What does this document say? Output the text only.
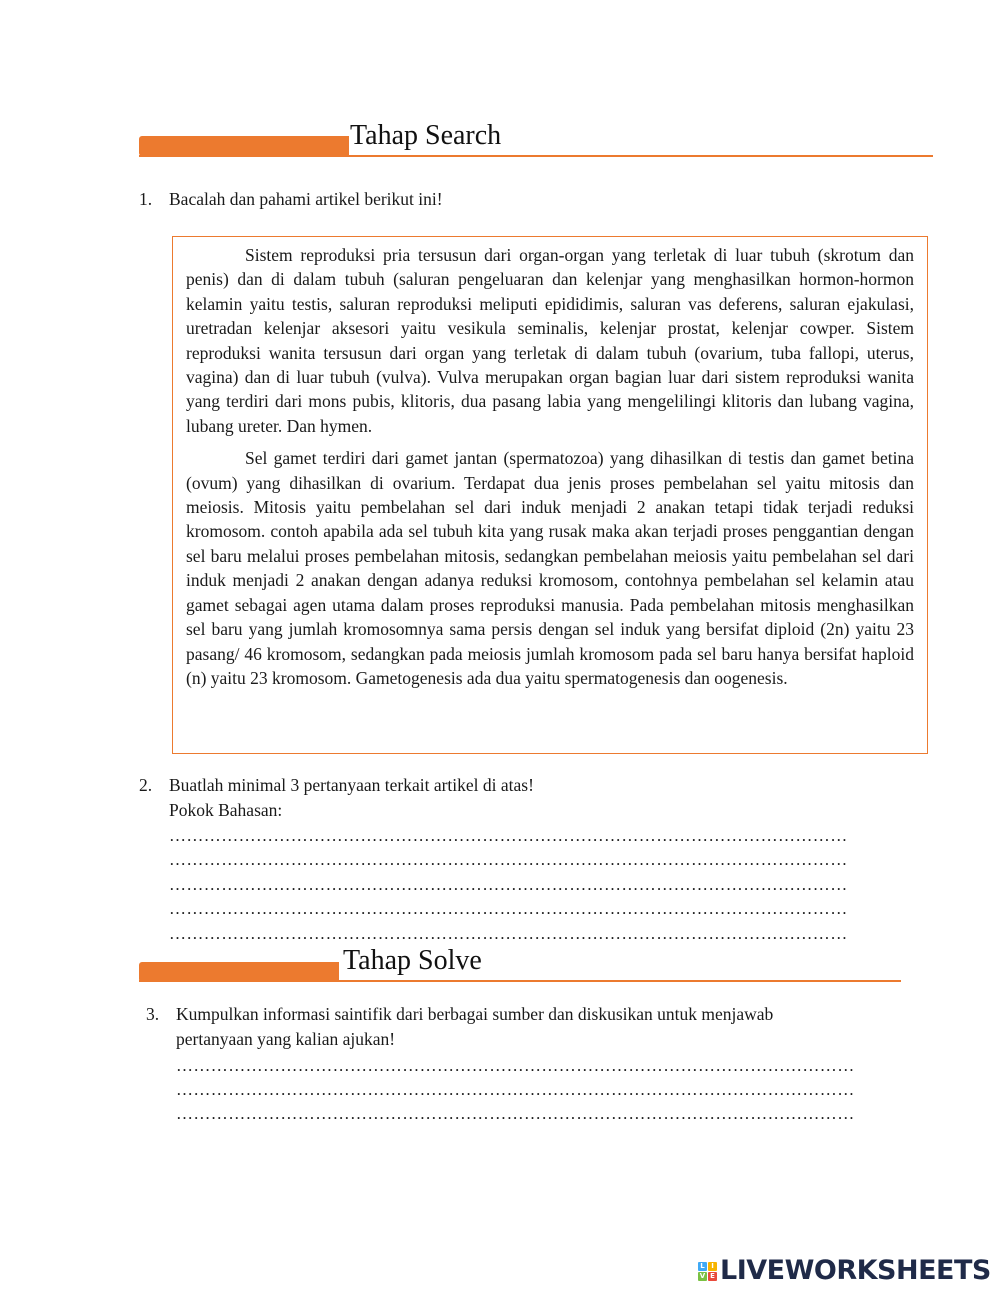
Tahap Search
1. Bacalah dan pahami artikel berikut ini!

Sistem reproduksi pria tersusun dari organ-organ yang terletak di luar tubuh (skrotum dan penis) dan di dalam tubuh (saluran pengeluaran dan kelenjar yang menghasilkan hormon-hormon kelamin yaitu testis, saluran reproduksi meliputi epididimis, saluran vas deferens, saluran ejakulasi, uretradan kelenjar aksesori yaitu vesikula seminalis, kelenjar prostat, kelenjar cowper. Sistem reproduksi wanita tersusun dari organ yang terletak di dalam tubuh (ovarium, tuba fallopi, uterus, vagina) dan di luar tubuh (vulva). Vulva merupakan organ bagian luar dari sistem reproduksi wanita yang terdiri dari mons pubis, klitoris, dua pasang labia yang mengelilingi klitoris dan lubang vagina, lubang ureter. Dan hymen.

Sel gamet terdiri dari gamet jantan (spermatozoa) yang dihasilkan di testis dan gamet betina (ovum) yang dihasilkan di ovarium. Terdapat dua jenis proses pembelahan sel yaitu mitosis dan meiosis. Mitosis yaitu pembelahan sel dari induk menjadi 2 anakan tetapi tidak terjadi reduksi kromosom. contoh apabila ada sel tubuh kita yang rusak maka akan terjadi proses penggantian dengan sel baru melalui proses pembelahan mitosis, sedangkan pembelahan meiosis yaitu pembelahan sel dari induk menjadi 2 anakan dengan adanya reduksi kromosom, contohnya pembelahan sel kelamin atau gamet sebagai agen utama dalam proses reproduksi manusia. Pada pembelahan mitosis menghasilkan sel baru yang jumlah kromosomnya sama persis dengan sel induk yang bersifat diploid (2n) yaitu 23 pasang/ 46 kromosom, sedangkan pada meiosis jumlah kromosom pada sel baru hanya bersifat haploid (n) yaitu 23 kromosom. Gametogenesis ada dua yaitu spermatogenesis dan oogenesis.

2. Buatlah minimal 3 pertanyaan terkait artikel di atas!
Pokok Bahasan:
………………………………………………………………………………………………………
………………………………………………………………………………………………………
………………………………………………………………………………………………………
………………………………………………………………………………………………………
………………………………………………………………………………………………………
Tahap Solve
3. Kumpulkan informasi saintifik dari berbagai sumber dan diskusikan untuk menjawab
pertanyaan yang kalian ajukan!
………………………………………………………………………………………………………
………………………………………………………………………………………………………
………………………………………………………………………………………………………
L I
V E LIVEWORKSHEETS
